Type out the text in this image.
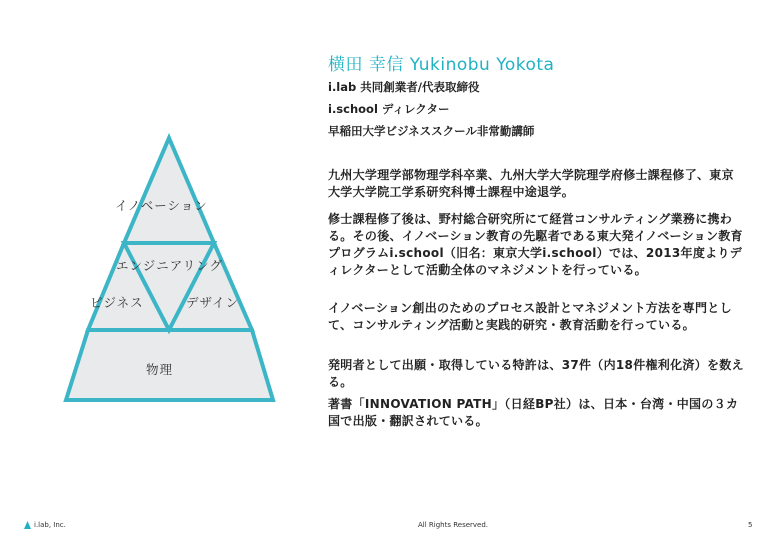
イノベーション
エンジニアリング
ビジネス	デザイン
物理
横田 幸信 Yukinobu Yokota
i.lab 共同創業者/代表取締役
i.school ディレクター
早稲田大学ビジネススクール非常勤講師

九州大学理学部物理学科卒業、九州大学大学院理学府修士課程修了、東京大学大学院工学系研究科博士課程中途退学。

修士課程修了後は、野村総合研究所にて経営コンサルティング業務に携わる。その後、イノベーション教育の先駆者である東大発イノベーション教育プログラムi.school（旧名：東京大学i.school）では、2013年度よりディレクターとして活動全体のマネジメントを行っている。

イノベーション創出のためのプロセス設計とマネジメント方法を専門として、コンサルティング活動と実践的研究・教育活動を行っている。

発明者として出願・取得している特許は、37件（内18件権利化済）を数える。

著書「INNOVATION PATH」（日経BP社）は、日本・台湾・中国の３カ国で出版・翻訳されている。

i.lab, Inc.	All Rights Reserved.	5
